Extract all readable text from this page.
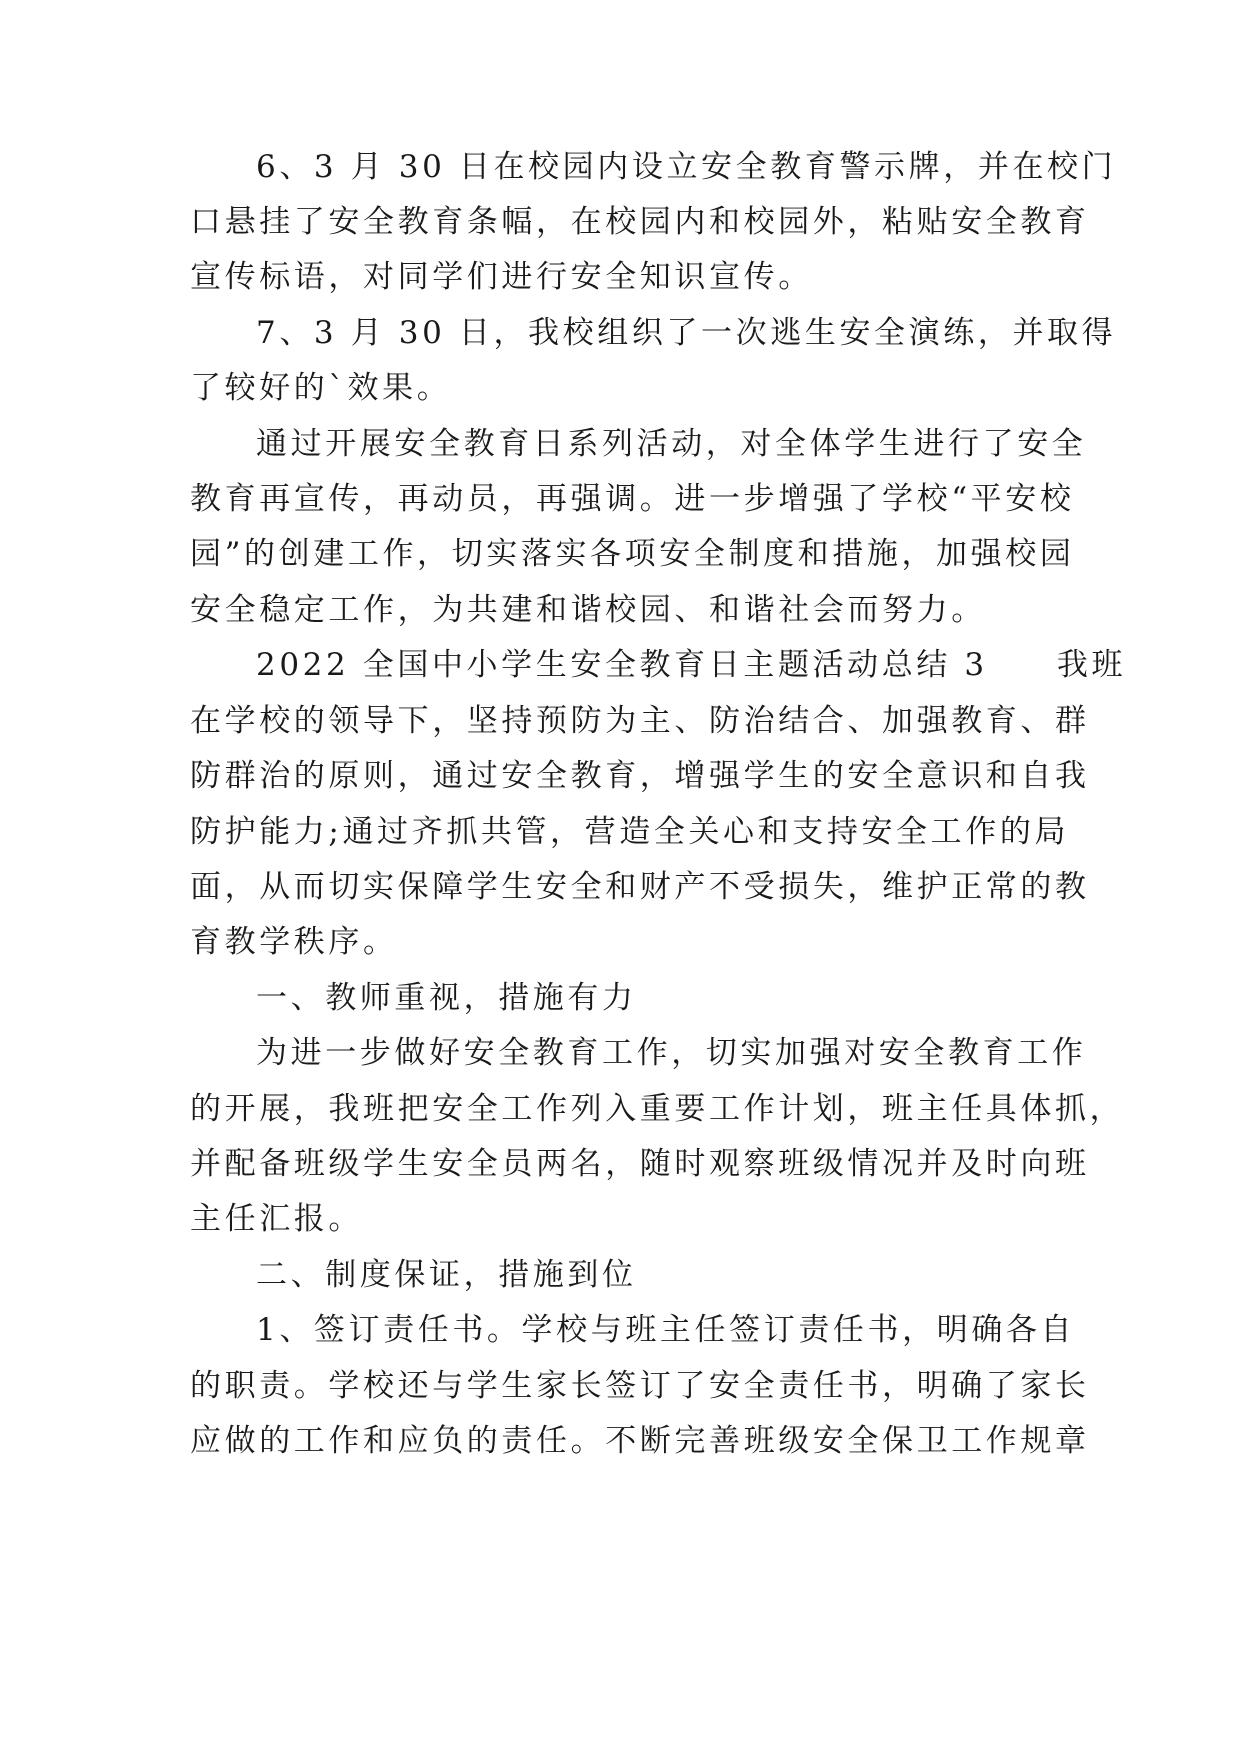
6、3 月 30 日在校园内设立安全教育警示牌，并在校门
口悬挂了安全教育条幅，在校园内和校园外，粘贴安全教育
宣传标语，对同学们进行安全知识宣传。
7、3 月 30 日，我校组织了一次逃生安全演练，并取得
了较好的`效果。
通过开展安全教育日系列活动，对全体学生进行了安全
教育再宣传，再动员，再强调。进一步增强了学校“平安校
园”的创建工作，切实落实各项安全制度和措施，加强校园
安全稳定工作，为共建和谐校园、和谐社会而努力。
2022 全国中小学生安全教育日主题活动总结 3　　我班
在学校的领导下，坚持预防为主、防治结合、加强教育、群
防群治的原则，通过安全教育，增强学生的安全意识和自我
防护能力;通过齐抓共管，营造全关心和支持安全工作的局
面，从而切实保障学生安全和财产不受损失，维护正常的教
育教学秩序。
一、教师重视，措施有力
为进一步做好安全教育工作，切实加强对安全教育工作
的开展，我班把安全工作列入重要工作计划，班主任具体抓，
并配备班级学生安全员两名，随时观察班级情况并及时向班
主任汇报。
二、制度保证，措施到位
1、签订责任书。学校与班主任签订责任书，明确各自
的职责。学校还与学生家长签订了安全责任书，明确了家长
应做的工作和应负的责任。不断完善班级安全保卫工作规章
